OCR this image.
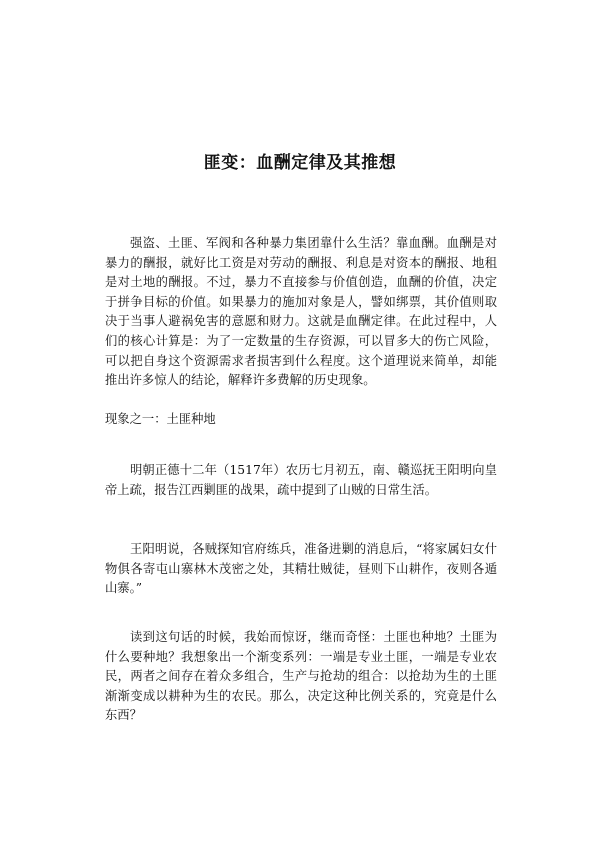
匪变：血酬定律及其推想

强盗、土匪、军阀和各种暴力集团靠什么生活？靠血酬。血酬是对暴力的酬报，就好比工资是对劳动的酬报、利息是对资本的酬报、地租是对土地的酬报。不过，暴力不直接参与价值创造，血酬的价值，决定于拼争目标的价值。如果暴力的施加对象是人，譬如绑票，其价值则取决于当事人避祸免害的意愿和财力。这就是血酬定律。在此过程中，人们的核心计算是：为了一定数量的生存资源，可以冒多大的伤亡风险，可以把自身这个资源需求者损害到什么程度。这个道理说来简单，却能推出许多惊人的结论，解释许多费解的历史现象。

现象之一：土匪种地

明朝正德十二年（1517年）农历七月初五，南、赣巡抚王阳明向皇帝上疏，报告江西剿匪的战果，疏中提到了山贼的日常生活。

王阳明说，各贼探知官府练兵，准备进剿的消息后，“将家属妇女什物俱各寄屯山寨林木茂密之处，其精壮贼徒，昼则下山耕作，夜则各遁山寨。”

读到这句话的时候，我始而惊讶，继而奇怪：土匪也种地？土匪为什么要种地？我想象出一个渐变系列：一端是专业土匪，一端是专业农民，两者之间存在着众多组合，生产与抢劫的组合：以抢劫为生的土匪渐渐变成以耕种为生的农民。那么，决定这种比例关系的，究竟是什么东西？
